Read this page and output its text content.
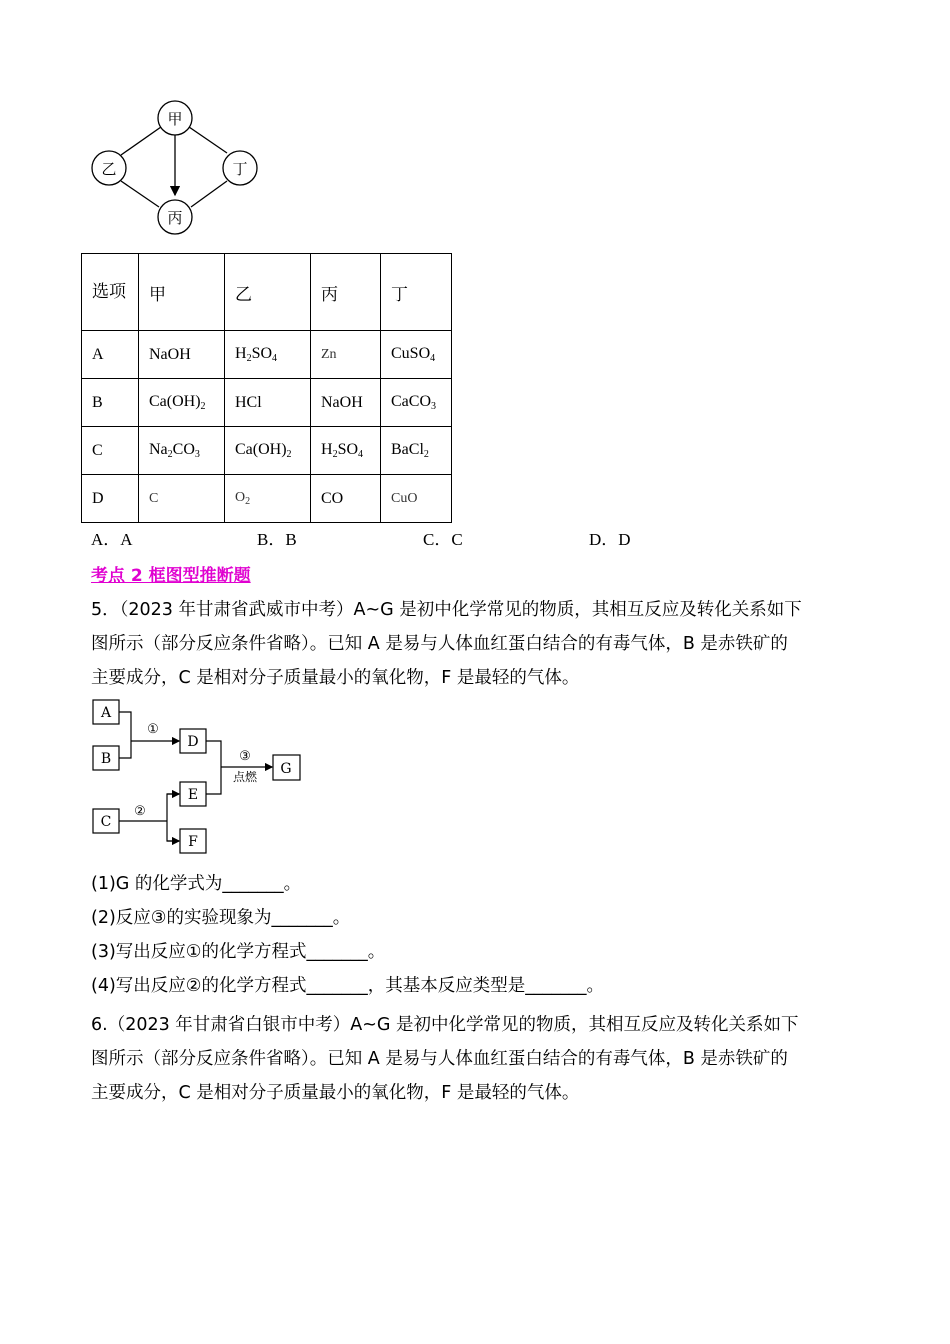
甲
乙	丁
丙
选项	甲	乙	丙	丁
A	NaOH	$H_2SO_4$	Zn	CuSO$_4$
B	$Ca(OH)_2$	HCl	NaOH	CaCO$_3$
C	$Na_2CO_3$	$Ca(OH)_2$	$H_2SO_4$	BaCl$_2$
D	C	$O_2$	CO	CuO
A．A	B．B	C．C	D．D
考点 2 框图型推断题
5．（2023 年甘肃省武威市中考）A~G 是初中化学常见的物质，其相互反应及转化关系如下
图所示（部分反应条件省略）。已知 A 是易与人体血红蛋白结合的有毒气体，B 是赤铁矿的
主要成分，C 是相对分子质量最小的氧化物，F 是最轻的气体。
A
B
D
G
E
C
F
①
②
③
点燃
(1)G 的化学式为_______。
(2)反应③的实验现象为_______。
(3)写出反应①的化学方程式_______。
(4)写出反应②的化学方程式_______，其基本反应类型是_______。
6.（2023 年甘肃省白银市中考）A~G 是初中化学常见的物质，其相互反应及转化关系如下
图所示（部分反应条件省略）。已知 A 是易与人体血红蛋白结合的有毒气体，B 是赤铁矿的
主要成分，C 是相对分子质量最小的氧化物，F 是最轻的气体。
